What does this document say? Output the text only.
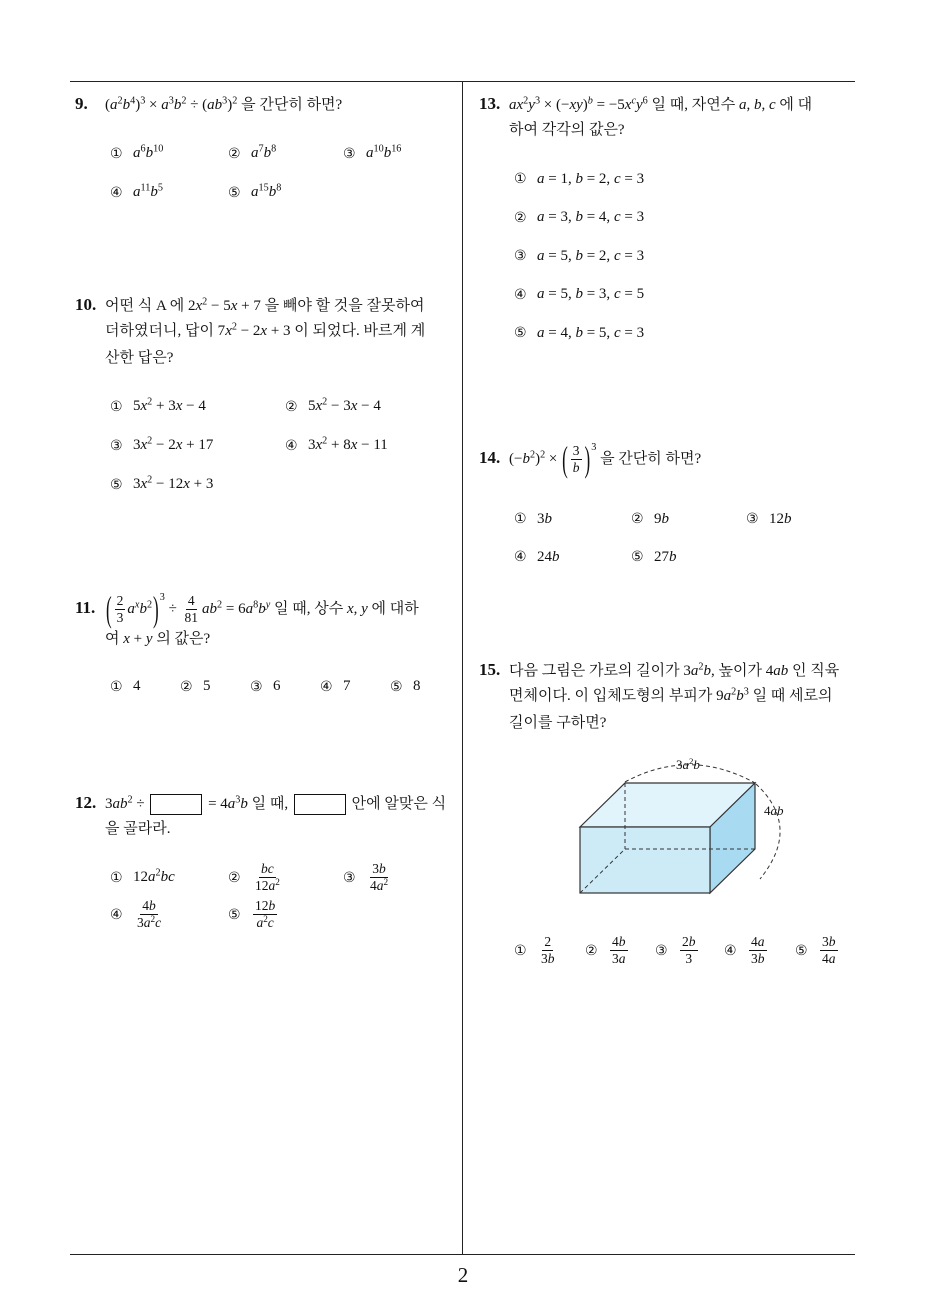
2
9. $(a^2b^4)^3 \times a^3b^2 \div (ab^3)^2$ 을 간단히 하면?
① $a^6b^{10}$	② $a^7b^8$	③ $a^{10}b^{16}$
④ $a^{11}b^5$	⑤ $a^{15}b^8$
10. 어떤 식 A 에 $2x^2 - 5x + 7$ 을 빼야 할 것을 잘못하여
더하였더니, 답이 $7x^2 - 2x + 3$ 이 되었다. 바르게 계
산한 답은?
① $5x^2 + 3x - 4$	② $5x^2 - 3x - 4$
③ $3x^2 - 2x + 17$	④ $3x^2 + 8x - 11$
⑤ $3x^2 - 12x + 3$
11. ( $\frac{2}{3} a^xb^2)^3 \div \frac{4}{81} ab^2 = 6a^8b^y$ 일 때, 상수 x, y 에 대하
여 x + y 의 값은?
① 4	② 5	③ 6	④ 7	⑤ 8
12. $3ab^2$ ÷	= $4a^3b$ 일 때,	안에 알맞은 식
을 골라라.
① $12a^2bc$	② $\frac{bc}{12a^2}$	③ $\frac{3b}{4a^2}$
④ $\frac{4b}{3a^2c}$	⑤ $\frac{12b}{a^2c}$
13. $ax^2y^3 \times (-xy)^b = -5x^cy^6$ 일 때, 자연수 a, b, c 에 대
하여 각각의 값은?
① a = 1, b = 2, c = 3
② a = 3, b = 4, c = 3
③ a = 5, b = 2, c = 3
④ a = 5, b = 3, c = 5
⑤ a = 4, b = 5, c = 3
14. $(-b^2)^2$ × ( $\frac{3}{b} )^3$ 을 간단히 하면?
① 3b	② 9b	③ 12b
④ 24b	⑤ 27b
15. 다음 그림은 가로의 길이가 $3a^2b$, 높이가 4ab 인 직육
면체이다. 이 입체도형의 부피가 $9a^2b^3$ 일 때 세로의
길이를 구하면?
$3a^2b$
4ab
① $\frac{2}{3b}$ ② $\frac{4b}{3a}$ ③ $\frac{2b}{3}$ ④ $\frac{4a}{3b}$ ⑤ $\frac{3b}{4a}$
